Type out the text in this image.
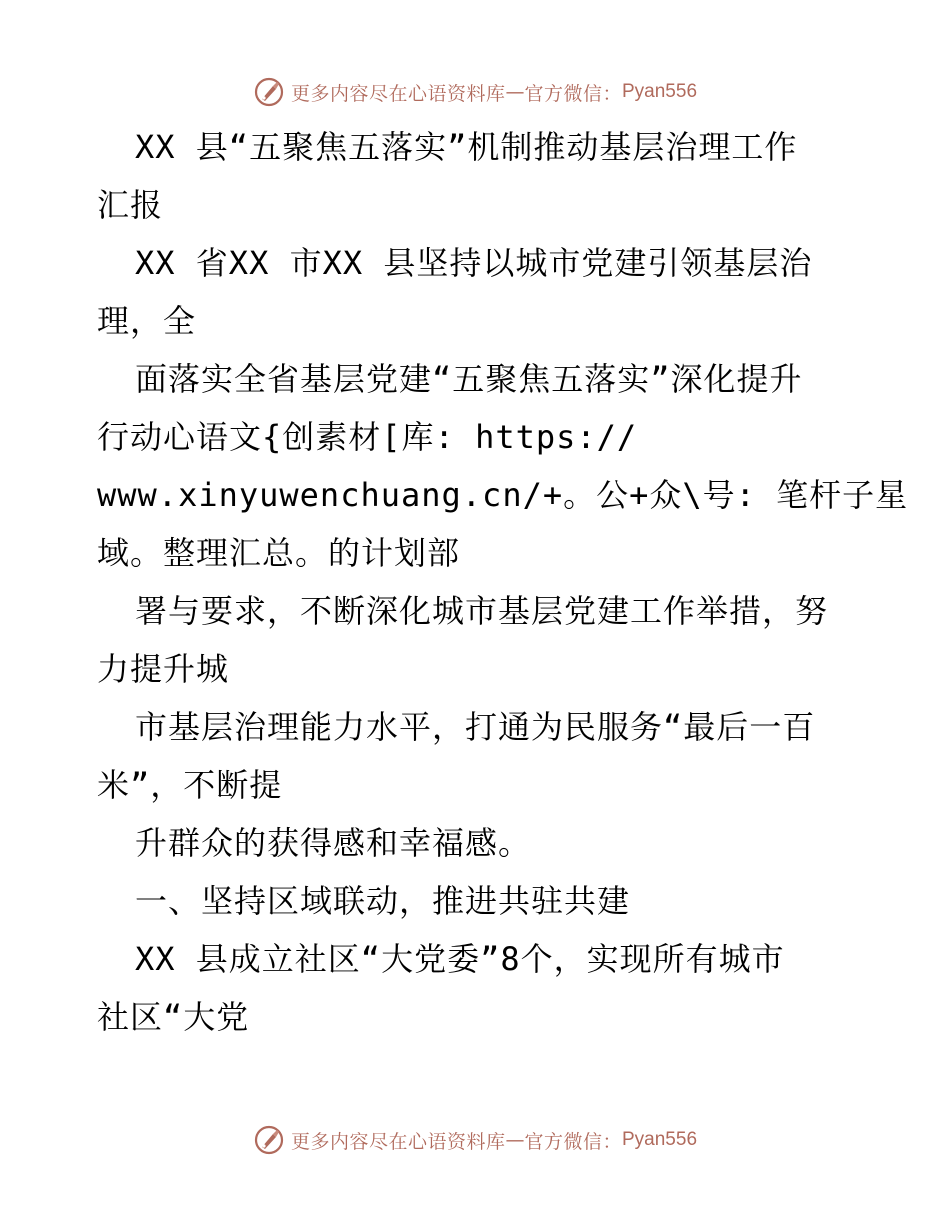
更多内容尽在心语资料库 — 官方微信： Pyan556
XX 县“五聚焦五落实”机制推动基层治理工作
汇报
XX 省XX 市XX 县坚持以城市党建引领基层治
理，全
面落实全省基层党建“五聚焦五落实”深化提升
行动心语文{创素材[库: https://
www.xinyuwenchuang.cn/+。公+众\号: 笔杆子星
域。整理汇总。的计划部
署与要求，不断深化城市基层党建工作举措，努
力提升城
市基层治理能力水平，打通为民服务“最后一百
米”，不断提
升群众的获得感和幸福感。
一、坚持区域联动，推进共驻共建
XX 县成立社区“大党委”8个，实现所有城市
社区“大党
更多内容尽在心语资料库 — 官方微信： Pyan556
